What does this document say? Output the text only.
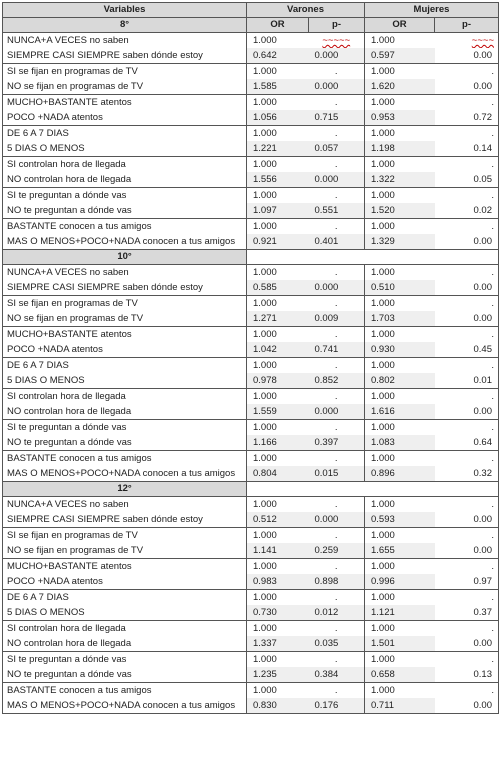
Variables	Varones		Mujeres	
8°	OR	p-	OR	p-
NUNCA+A VECES no saben	1.000	~~~~~	1.000	~~~~
SIEMPRE CASI SIEMPRE saben dónde estoy	0.642	0.000	0.597	0.00
SI se fijan en programas de TV	1.000	.	1.000	.
NO se fijan en programas de TV	1.585	0.000	1.620	0.00
MUCHO+BASTANTE atentos	1.000	.	1.000	.
POCO +NADA atentos	1.056	0.715	0.953	0.72
DE 6 A 7 DIAS	1.000	.	1.000	.
5 DIAS O MENOS	1.221	0.057	1.198	0.14
SI controlan hora de llegada	1.000	.	1.000	.
NO controlan hora de llegada	1.556	0.000	1.322	0.05
SI te preguntan a dónde vas	1.000	.	1.000	.
NO te preguntan a dónde vas	1.097	0.551	1.520	0.02
BASTANTE conocen a tus amigos	1.000	.	1.000	.
MAS O MENOS+POCO+NADA conocen a tus amigos	0.921	0.401	1.329	0.00
10°				
NUNCA+A VECES no saben	1.000	.	1.000	.
SIEMPRE CASI SIEMPRE saben dónde estoy	0.585	0.000	0.510	0.00
SI se fijan en programas de TV	1.000	.	1.000	.
NO se fijan en programas de TV	1.271	0.009	1.703	0.00
MUCHO+BASTANTE atentos	1.000	.	1.000	.
POCO +NADA atentos	1.042	0.741	0.930	0.45
DE 6 A 7 DIAS	1.000	.	1.000	.
5 DIAS O MENOS	0.978	0.852	0.802	0.01
SI controlan hora de llegada	1.000	.	1.000	.
NO controlan hora de llegada	1.559	0.000	1.616	0.00
SI te preguntan a dónde vas	1.000	.	1.000	.
NO te preguntan a dónde vas	1.166	0.397	1.083	0.64
BASTANTE conocen a tus amigos	1.000	.	1.000	.
MAS O MENOS+POCO+NADA conocen a tus amigos	0.804	0.015	0.896	0.32
12°				
NUNCA+A VECES no saben	1.000	.	1.000	.
SIEMPRE CASI SIEMPRE saben dónde estoy	0.512	0.000	0.593	0.00
SI se fijan en programas de TV	1.000	.	1.000	.
NO se fijan en programas de TV	1.141	0.259	1.655	0.00
MUCHO+BASTANTE atentos	1.000	.	1.000	.
POCO +NADA atentos	0.983	0.898	0.996	0.97
DE 6 A 7 DIAS	1.000	.	1.000	.
5 DIAS O MENOS	0.730	0.012	1.121	0.37
SI controlan hora de llegada	1.000	.	1.000	.
NO controlan hora de llegada	1.337	0.035	1.501	0.00
SI te preguntan a dónde vas	1.000	.	1.000	.
NO te preguntan a dónde vas	1.235	0.384	0.658	0.13
BASTANTE conocen a tus amigos	1.000	.	1.000	.
MAS O MENOS+POCO+NADA conocen a tus amigos	0.830	0.176	0.711	0.00
